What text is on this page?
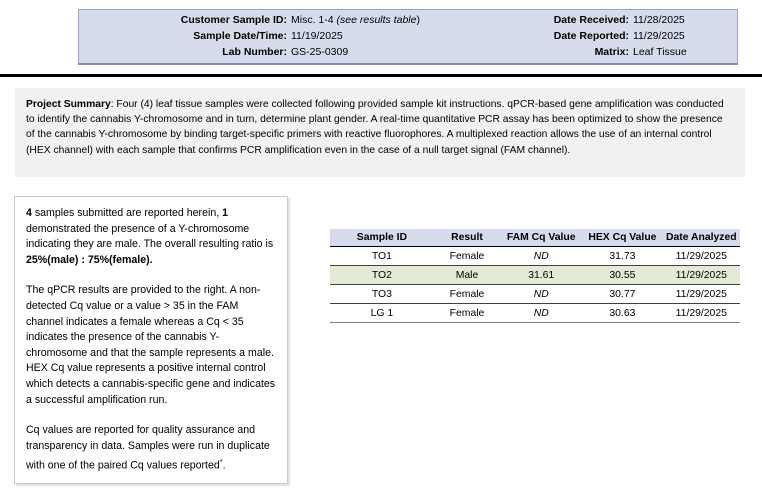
Customer Sample ID: Misc. 1-4 (see results table)
Sample Date/Time: 11/19/2025
Lab Number: GS-25-0309
Date Received: 11/28/2025
Date Reported: 11/29/2025
Matrix: Leaf Tissue
Project Summary: Four (4) leaf tissue samples were collected following provided sample kit instructions. qPCR-based gene amplification was conducted to identify the cannabis Y-chromosome and in turn, determine plant gender. A real-time quantitative PCR assay has been optimized to show the presence of the cannabis Y-chromosome by binding target-specific primers with reactive fluorophores. A multiplexed reaction allows the use of an internal control (HEX channel) with each sample that confirms PCR amplification even in the case of a null target signal (FAM channel).

4 samples submitted are reported herein, 1 demonstrated the presence of a Y-chromosome indicating they are male. The overall resulting ratio is 25%(male) : 75%(female).

The qPCR results are provided to the right. A non-detected Cq value or a value > 35 in the FAM channel indicates a female whereas a Cq < 35 indicates the presence of the cannabis Y-chromosome and that the sample represents a male. HEX Cq value represents a positive internal control which detects a cannabis-specific gene and indicates a successful amplification run.

Cq values are reported for quality assurance and transparency in data. Samples were run in duplicate with one of the paired Cq values reported*.

Sample ID	Result	FAM Cq Value	HEX Cq Value	Date Analyzed
TO1	Female	ND	31.73	11/29/2025
TO2	Male	31.61	30.55	11/29/2025
TO3	Female	ND	30.77	11/29/2025
LG 1	Female	ND	30.63	11/29/2025
